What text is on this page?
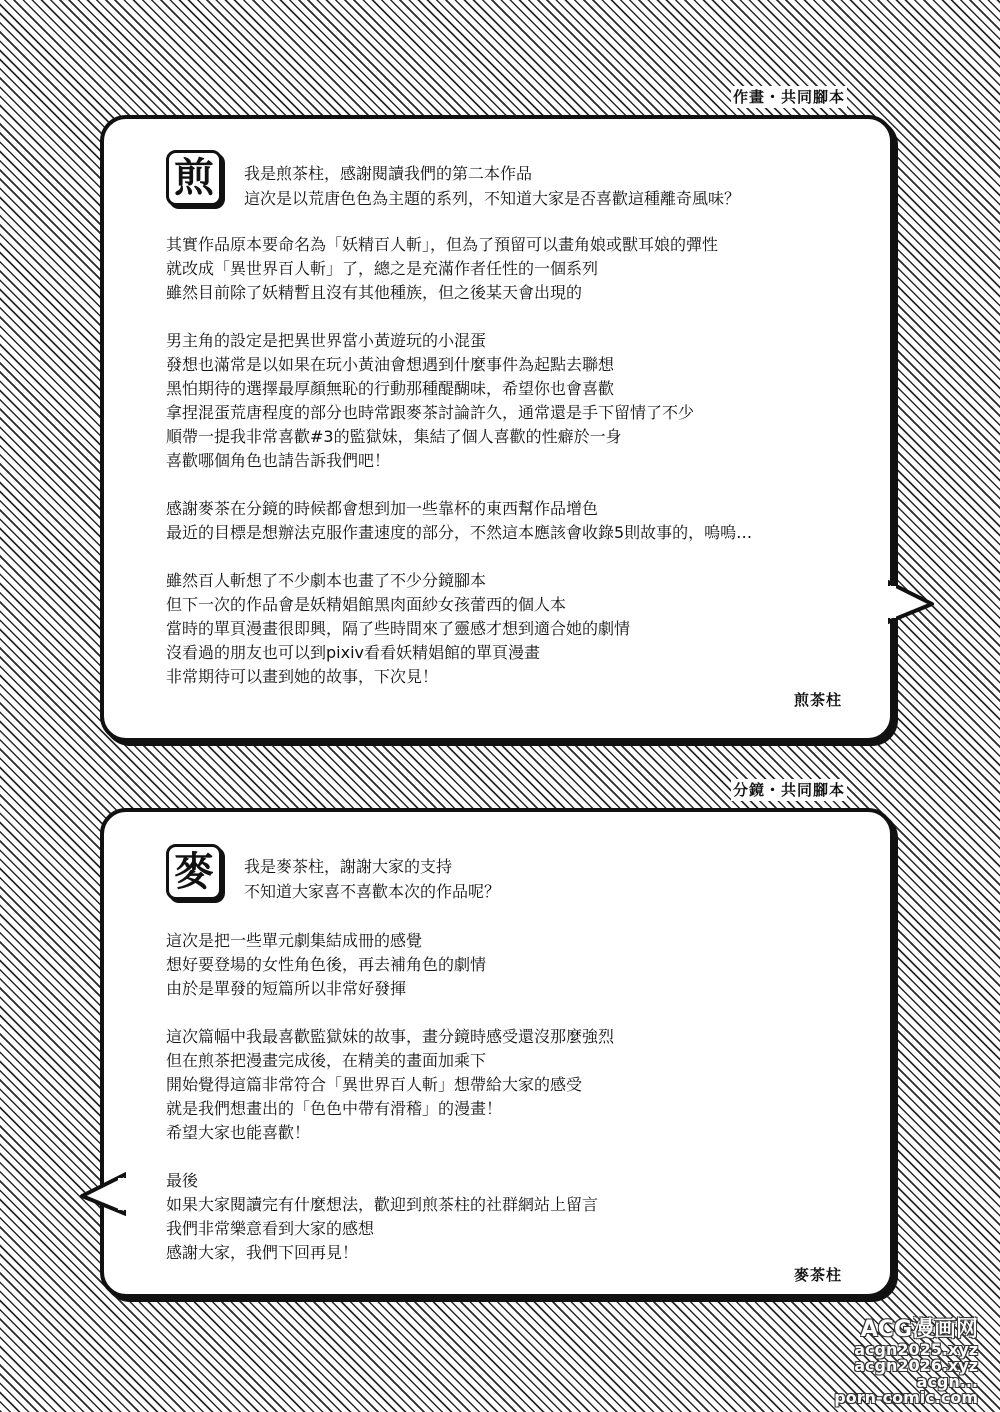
作畫・共同腳本
煎	我是煎茶柱，感謝閱讀我們的第二本作品
這次是以荒唐色色為主題的系列，不知道大家是否喜歡這種離奇風味？

其實作品原本要命名為「妖精百人斬」，但為了預留可以畫角娘或獸耳娘的彈性
就改成「異世界百人斬」了，總之是充滿作者任性的一個系列
雖然目前除了妖精暫且沒有其他種族，但之後某天會出現的

男主角的設定是把異世界當小黃遊玩的小混蛋
發想也滿常是以如果在玩小黃油會想遇到什麼事件為起點去聯想
黑怕期待的選擇最厚顏無恥的行動那種醍醐味，希望你也會喜歡
拿捏混蛋荒唐程度的部分也時常跟麥茶討論許久，通常還是手下留情了不少
順帶一提我非常喜歡#3的監獄妹，集結了個人喜歡的性癖於一身
喜歡哪個角色也請告訴我們吧！

感謝麥茶在分鏡的時候都會想到加一些靠杯的東西幫作品增色
最近的目標是想辦法克服作畫速度的部分，不然這本應該會收錄5則故事的，嗚嗚…

雖然百人斬想了不少劇本也畫了不少分鏡腳本
但下一次的作品會是妖精娼館黑肉面紗女孩蕾西的個人本
當時的單頁漫畫很即興，隔了些時間來了靈感才想到適合她的劇情
沒看過的朋友也可以到pixiv看看妖精娼館的單頁漫畫
非常期待可以畫到她的故事，下次見！

煎茶柱
分鏡・共同腳本
麥	我是麥茶柱，謝謝大家的支持
不知道大家喜不喜歡本次的作品呢？

這次是把一些單元劇集結成冊的感覺
想好要登場的女性角色後，再去補角色的劇情
由於是單發的短篇所以非常好發揮

這次篇幅中我最喜歡監獄妹的故事，畫分鏡時感受還沒那麼強烈
但在煎茶把漫畫完成後，在精美的畫面加乘下
開始覺得這篇非常符合「異世界百人斬」想帶給大家的感受
就是我們想畫出的「色色中帶有滑稽」的漫畫！
希望大家也能喜歡！

最後
如果大家閱讀完有什麼想法，歡迎到煎茶柱的社群網站上留言
我們非常樂意看到大家的感想
感謝大家，我們下回再見！

麥茶柱
ACG漫画网
acgn2025.xyz
acgn2026.xyz
acgn...
porn-comic.com
